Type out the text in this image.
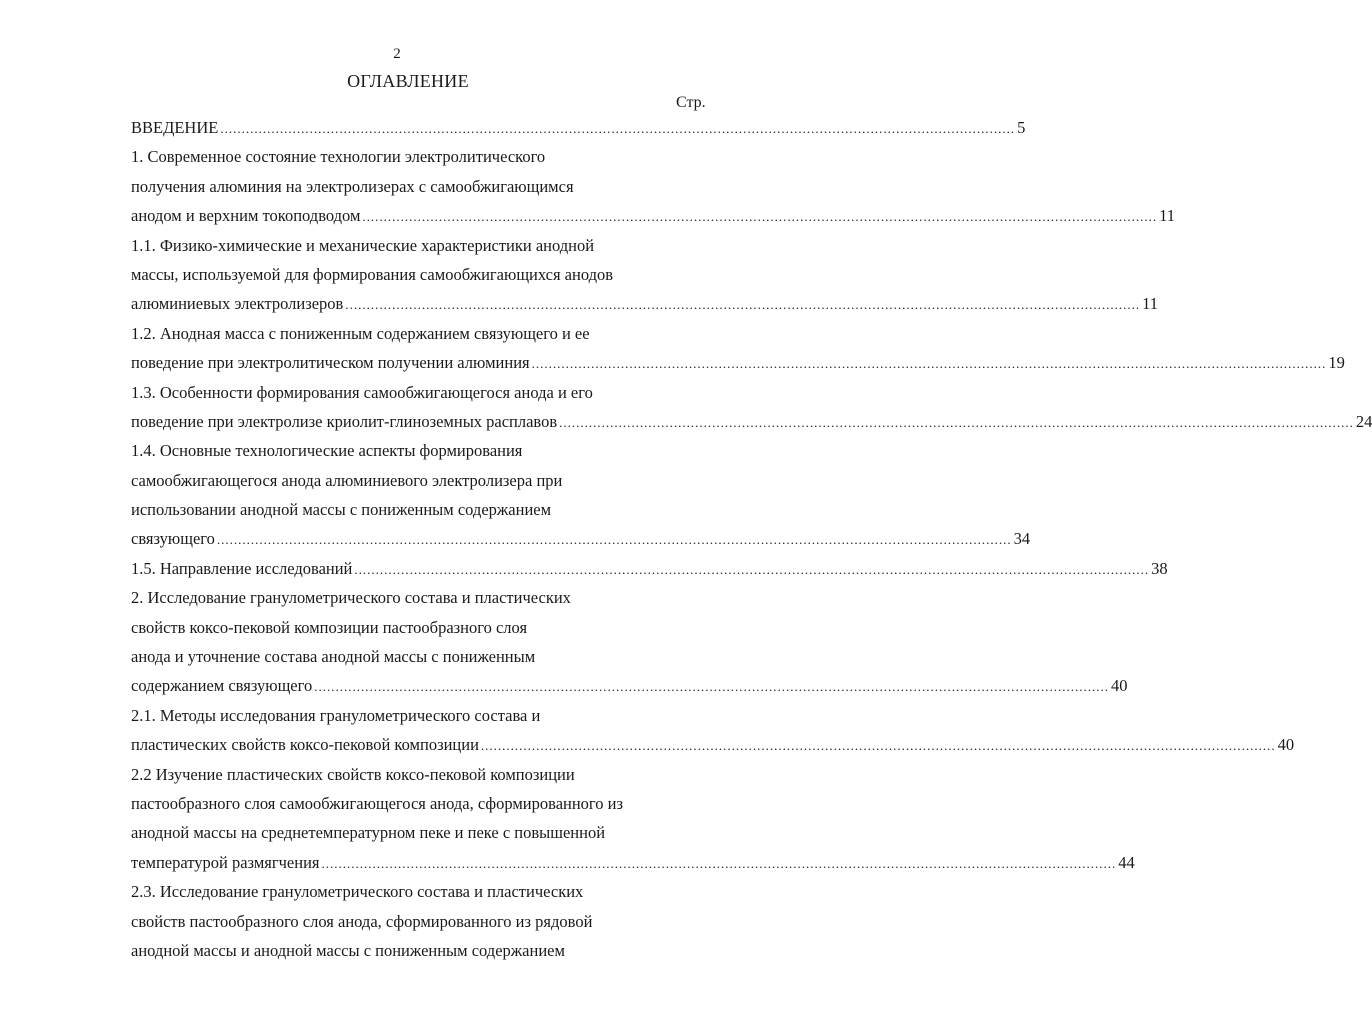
2
ОГЛАВЛЕНИЕ
Стр.
ВВЕДЕНИЕ ........................................................................................................................................................................................... 5
1. Современное состояние технологии электролитического
получения алюминия на электролизерах с самообжигающимся
анодом и верхним токоподводом ........................................................................................................................................................................................... 11
1.1. Физико-химические и механические характеристики анодной
массы, используемой для формирования самообжигающихся анодов
алюминиевых электролизеров ........................................................................................................................................................................................... 11
1.2. Анодная масса с пониженным содержанием связующего и ее
поведение при электролитическом получении алюминия ........................................................................................................................................................................................... 19
1.3. Особенности формирования самообжигающегося анода и его
поведение при электролизе криолит-глиноземных расплавов ........................................................................................................................................................................................... 24
1.4. Основные технологические аспекты формирования
самообжигающегося анода алюминиевого электролизера при
использовании анодной массы с пониженным содержанием
связующего ........................................................................................................................................................................................... 34
1.5. Направление исследований ........................................................................................................................................................................................... 38
2. Исследование гранулометрического состава и пластических
свойств коксо-пековой композиции пастообразного слоя
анода и уточнение состава анодной массы с пониженным
содержанием связующего ........................................................................................................................................................................................... 40
2.1. Методы исследования гранулометрического состава и
пластических свойств коксо-пековой композиции ........................................................................................................................................................................................... 40
2.2 Изучение пластических свойств коксо-пековой композиции
пастообразного слоя самообжигающегося анода, сформированного из
анодной массы на среднетемпературном пеке и пеке с повышенной
температурой размягчения ........................................................................................................................................................................................... 44
2.3. Исследование гранулометрического состава и пластических
свойств пастообразного слоя анода, сформированного из рядовой
анодной массы и анодной массы с пониженным содержанием
